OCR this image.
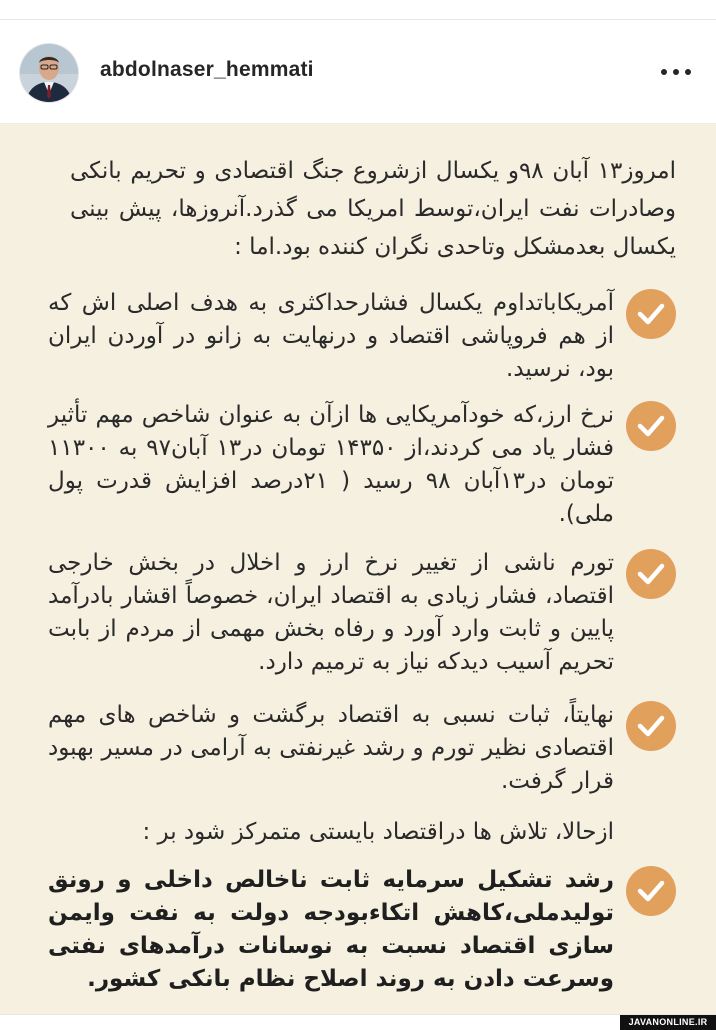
abdolnaser_hemmati
امروز۱۳ آبان ۹۸و یکسال ازشروع جنگ اقتصادی و تحریم بانکی وصادرات نفت ایران،توسط امریکا می گذرد.آنروزها، پیش بینی یکسال بعدمشکل وتاحدی نگران کننده بود.اما :
آمریکاباتداوم یکسال فشارحداکثری به هدف اصلی اش که از هم فروپاشی اقتصاد و درنهایت به زانو در آوردن ایران بود، نرسید.
نرخ ارز،که خودآمریکایی ها ازآن به عنوان شاخص مهم تأثیر فشار یاد می کردند،از ۱۴۳۵۰ تومان در۱۳ آبان۹۷ به ۱۱۳۰۰ تومان در۱۳آبان ۹۸ رسید ( ۲۱درصد افزایش قدرت پول ملی).
تورم ناشی از تغییر نرخ ارز و اخلال در بخش خارجی اقتصاد، فشار زیادی به اقتصاد ایران، خصوصاً اقشار بادرآمد پایین و ثابت وارد آورد و رفاه بخش مهمی از مردم از بابت تحریم آسیب دیدکه نیاز به ترمیم دارد.
نهایتاً، ثبات نسبی به اقتصاد برگشت و شاخص های مهم اقتصادی نظیر تورم و رشد غیرنفتی به آرامی در مسیر بهبود قرار گرفت.
ازحالا، تلاش ها دراقتصاد بایستی متمرکز شود بر :
رشد تشکیل سرمایه ثابت ناخالص داخلی و رونق تولیدملی،کاهش اتکاءبودجه دولت به نفت وایمن سازی اقتصاد نسبت به نوسانات درآمدهای نفتی وسرعت دادن به روند اصلاح نظام بانکی کشور.
JAVANONLINE.IR
